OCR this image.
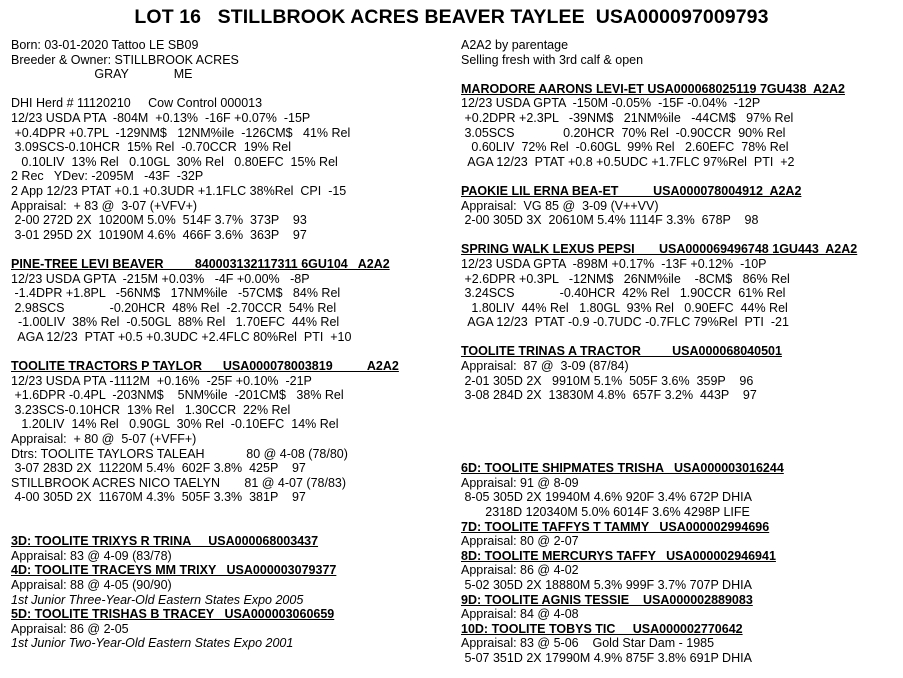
LOT 16   STILLBROOK ACRES BEAVER TAYLEE  USA000097009793
Born: 03-01-2020 Tattoo LE SB09
Breeder & Owner: STILLBROOK ACRES
GRAY             ME
DHI Herd # 11120210     Cow Control 000013
12/23 USDA PTA  -804M  +0.13%  -16F +0.07%  -15P
+0.4DPR +0.7PL  -129NM$   12NM%ile  -126CM$   41% Rel
3.09SCS-0.10HCR  15% Rel  -0.70CCR  19% Rel
0.10LIV  13% Rel   0.10GL  30% Rel   0.80EFC  15% Rel
2 Rec   YDev: -2095M   -43F  -32P
2 App 12/23 PTAT +0.1 +0.3UDR +1.1FLC 38%Rel  CPI  -15
Appraisal:  + 83 @  3-07 (+VFV+)
2-00 272D 2X  10200M 5.0%  514F 3.7%  373P    93
3-01 295D 2X  10190M 4.6%  466F 3.6%  363P    97
PINE-TREE LEVI BEAVER         840003132117311 6GU104   A2A2
12/23 USDA GPTA  -215M +0.03%   -4F +0.00%   -8P
-1.4DPR +1.8PL   -56NM$   17NM%ile   -57CM$   84% Rel
2.98SCS             -0.20HCR  48% Rel  -2.70CCR  54% Rel
-1.00LIV  38% Rel  -0.50GL  88% Rel   1.70EFC  44% Rel
AGA 12/23  PTAT +0.5 +0.3UDC +2.4FLC 80%Rel  PTI  +10
TOOLITE TRACTORS P TAYLOR      USA000078003819          A2A2
12/23 USDA PTA -1112M  +0.16%  -25F +0.10%  -21P
+1.6DPR -0.4PL  -203NM$    5NM%ile  -201CM$   38% Rel
3.23SCS-0.10HCR  13% Rel   1.30CCR  22% Rel
1.20LIV  14% Rel   0.90GL  30% Rel  -0.10EFC  14% Rel
Appraisal:  + 80 @  5-07 (+VFF+)
Dtrs: TOOLITE TAYLORS TALEAH            80 @ 4-08 (78/80)
3-07 283D 2X  11220M 5.4%  602F 3.8%  425P    97
STILLBROOK ACRES NICO TAELYN       81 @ 4-07 (78/83)
4-00 305D 2X  11670M 4.3%  505F 3.3%  381P    97
3D: TOOLITE TRIXYS R TRINA     USA000068003437
Appraisal: 83 @ 4-09 (83/78)
4D: TOOLITE TRACEYS MM TRIXY   USA000003079377
Appraisal: 88 @ 4-05 (90/90)
1st Junior Three-Year-Old Eastern States Expo 2005
5D: TOOLITE TRISHAS B TRACEY   USA000003060659
Appraisal: 86 @ 2-05
1st Junior Two-Year-Old Eastern States Expo 2001
A2A2 by parentage
Selling fresh with 3rd calf & open
MARODORE AARONS LEVI-ET USA000068025119 7GU438  A2A2
12/23 USDA GPTA  -150M -0.05%  -15F -0.04%  -12P
+0.2DPR +2.3PL   -39NM$   21NM%ile   -44CM$   97% Rel
3.05SCS              0.20HCR  70% Rel  -0.90CCR  90% Rel
0.60LIV  72% Rel  -0.60GL  99% Rel   2.60EFC  78% Rel
AGA 12/23  PTAT +0.8 +0.5UDC +1.7FLC 97%Rel  PTI  +2
PAOKIE LIL ERNA BEA-ET          USA000078004912  A2A2
Appraisal:  VG 85 @  3-09 (V++VV)
2-00 305D 3X  20610M 5.4% 1114F 3.3%  678P    98
SPRING WALK LEXUS PEPSI       USA000069496748 1GU443  A2A2
12/23 USDA GPTA  -898M +0.17%  -13F +0.12%  -10P
+2.6DPR +0.3PL   -12NM$   26NM%ile    -8CM$   86% Rel
3.24SCS             -0.40HCR  42% Rel   1.90CCR  61% Rel
1.80LIV  44% Rel   1.80GL  93% Rel   0.90EFC  44% Rel
AGA 12/23  PTAT -0.9 -0.7UDC -0.7FLC 79%Rel  PTI  -21
TOOLITE TRINAS A TRACTOR         USA000068040501
Appraisal:  87 @  3-09 (87/84)
2-01 305D 2X   9910M 5.1%  505F 3.6%  359P    96
3-08 284D 2X  13830M 4.8%  657F 3.2%  443P    97
6D: TOOLITE SHIPMATES TRISHA   USA000003016244
Appraisal: 91 @ 8-09
8-05 305D 2X 19940M 4.6% 920F 3.4% 672P DHIA
2318D 120340M 5.0% 6014F 3.6% 4298P LIFE
7D: TOOLITE TAFFYS T TAMMY   USA000002994696
Appraisal: 80 @ 2-07
8D: TOOLITE MERCURYS TAFFY   USA000002946941
Appraisal: 86 @ 4-02
5-02 305D 2X 18880M 5.3% 999F 3.7% 707P DHIA
9D: TOOLITE AGNIS TESSIE    USA000002889083
Appraisal: 84 @ 4-08
10D: TOOLITE TOBYS TIC     USA000002770642
Appraisal: 83 @ 5-06    Gold Star Dam - 1985
5-07 351D 2X 17990M 4.9% 875F 3.8% 691P DHIA
